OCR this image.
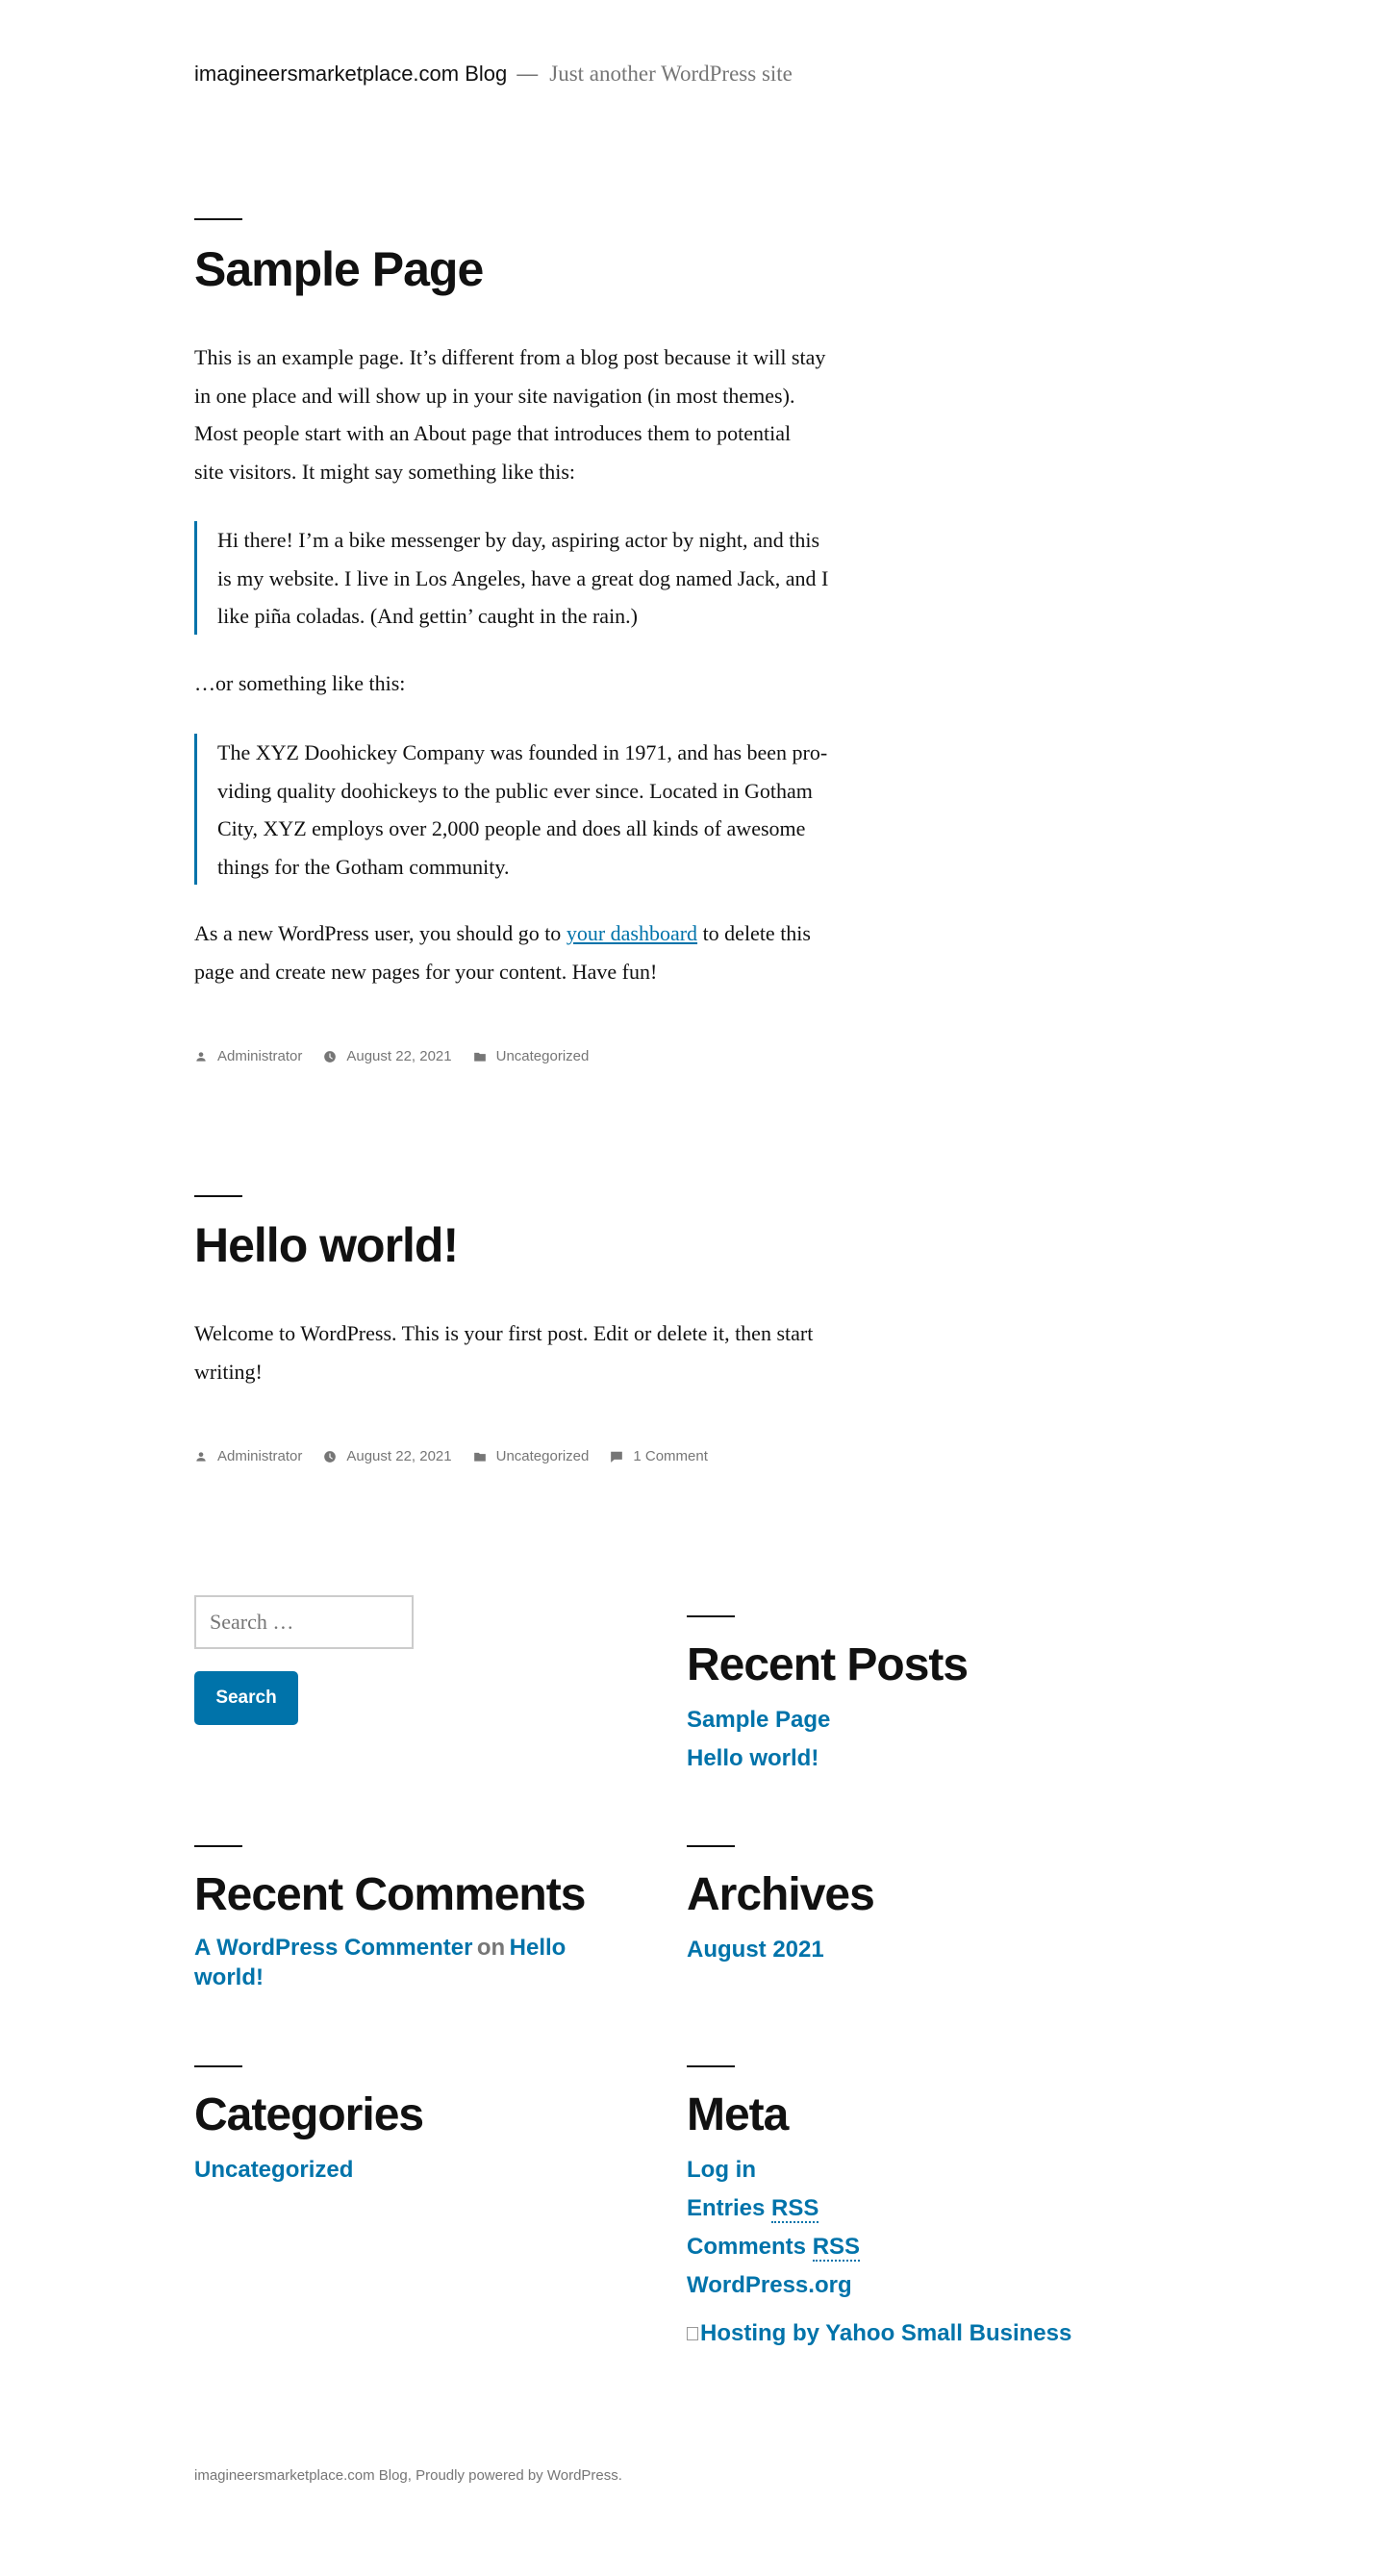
imagineersmarketplace.com Blog — Just another WordPress site
Sample Page

This is an example page. It’s different from a blog post because it will stay
in one place and will show up in your site navigation (in most themes).
Most people start with an About page that introduces them to potential
site visitors. It might say something like this:

Hi there! I’m a bike messenger by day, aspiring actor by night, and this
is my website. I live in Los Angeles, have a great dog named Jack, and I
like piña coladas. (And gettin’ caught in the rain.)

…or something like this:

The XYZ Doohickey Company was founded in 1971, and has been pro-
viding quality doohickeys to the public ever since. Located in Gotham
City, XYZ employs over 2,000 people and does all kinds of awesome
things for the Gotham community.

As a new WordPress user, you should go to your dashboard to delete this
page and create new pages for your content. Have fun!

Administrator	August 22, 2021	Uncategorized
Hello world!

Welcome to WordPress. This is your first post. Edit or delete it, then start
writing!

Administrator	August 22, 2021	Uncategorized	1 Comment
Search …
Search
Recent Posts
Sample Page
Hello world!
Recent Comments
A WordPress Commenter on Hello
world!
Archives
August 2021
Categories
Uncategorized
Meta
Log in
Entries RSS
Comments RSS
WordPress.org
Hosting by Yahoo Small Business
imagineersmarketplace.com Blog, Proudly powered by WordPress.
